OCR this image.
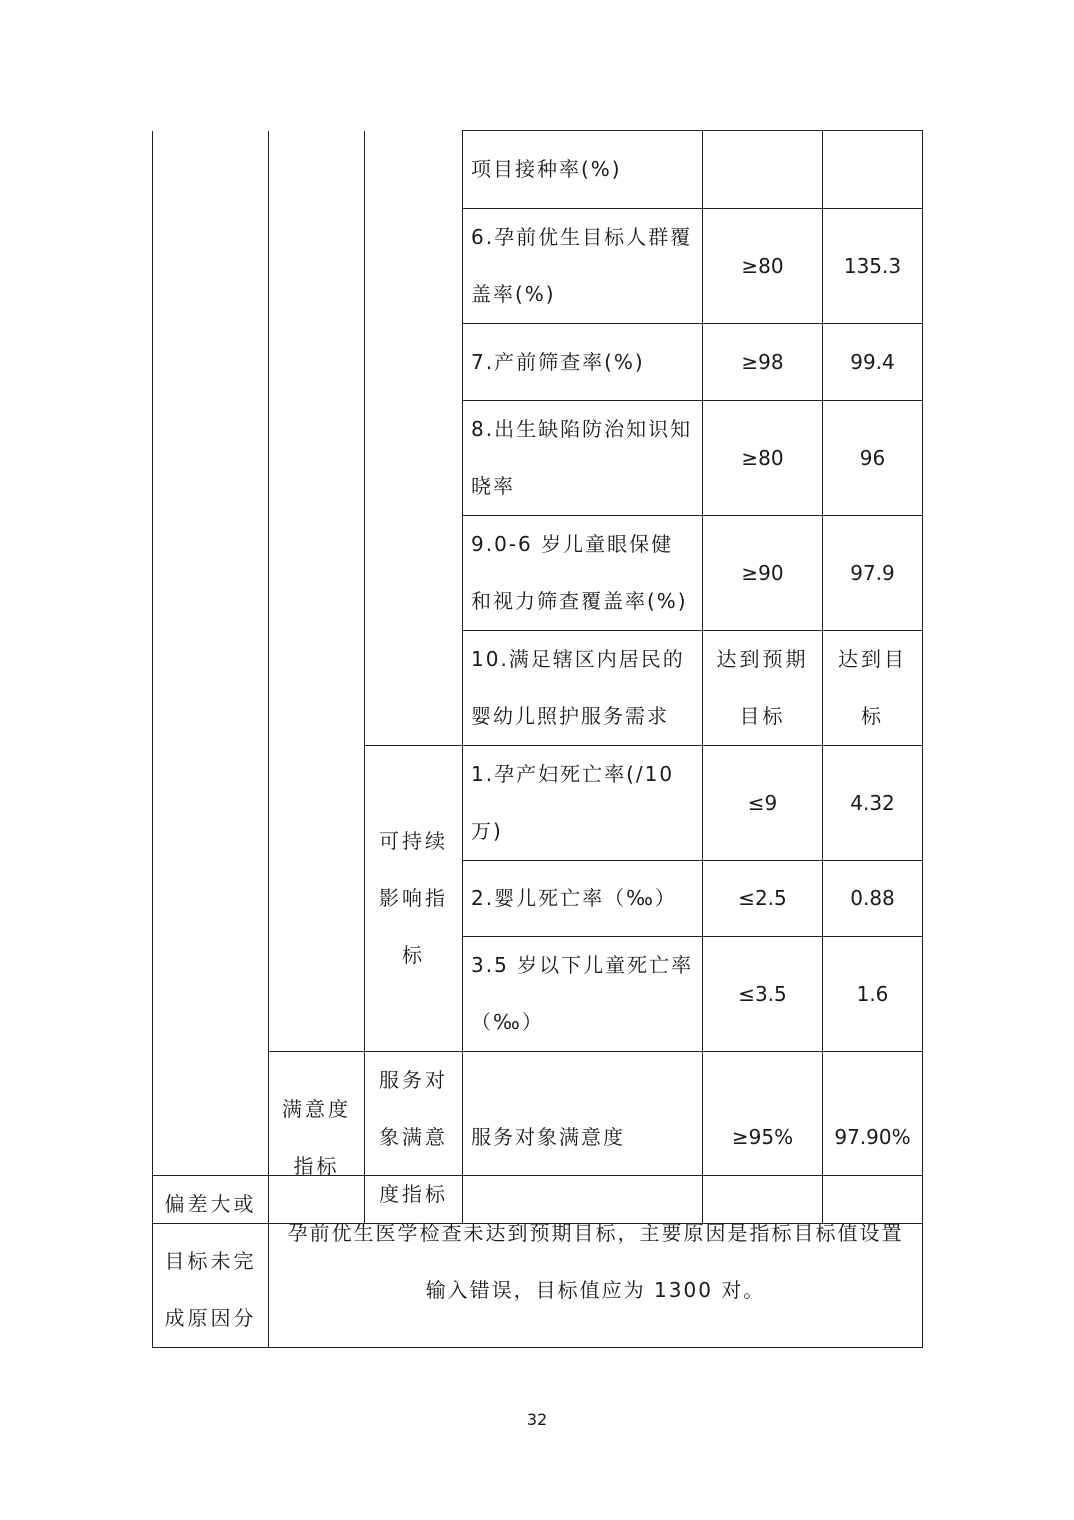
			项目接种率(%)		
			6.孕前优生目标人群覆盖率(%)	≥80	135.3
			7.产前筛查率(%)	≥98	99.4
			8.出生缺陷防治知识知晓率	≥80	96
			9.0-6 岁儿童眼保健和视力筛查覆盖率(%)	≥90	97.9
			10.满足辖区内居民的婴幼儿照护服务需求	达到预期目标	达到目标
		可持续影响指标	1.孕产妇死亡率(/10万)	≤9	4.32
			2.婴儿死亡率（‰）	≤2.5	0.88
			3.5 岁以下儿童死亡率（‰）	≤3.5	1.6
	满意度指标	服务对象满意度指标	服务对象满意度	≥95%	97.90%
偏差大或目标未完成原因分	孕前优生医学检查未达到预期目标，主要原因是指标目标值设置输入错误，目标值应为 1300 对。
32
